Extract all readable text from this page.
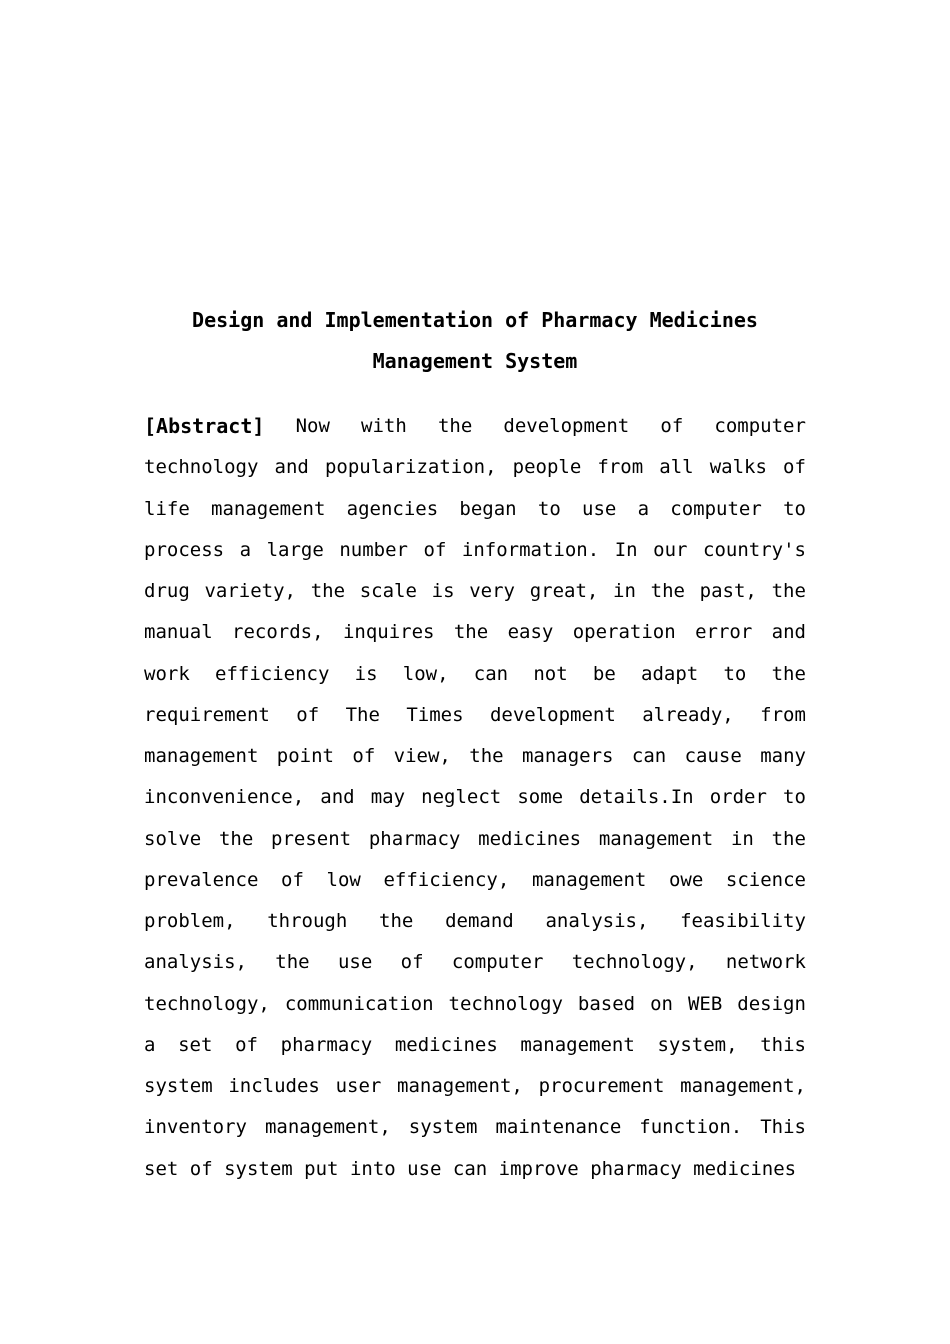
Design and Implementation of Pharmacy Medicines
Management System
[Abstract] Now with the development of computer
technology and popularization, people from all walks of
life management agencies began to use a computer to
process a large number of information. In our country's
drug variety, the scale is very great, in the past, the
manual records, inquires the easy operation error and
work efficiency is low, can not be adapt to the
requirement of The Times development already, from
management point of view, the managers can cause many
inconvenience, and may neglect some details.In order to
solve the present pharmacy medicines management in the
prevalence of low efficiency, management owe science
problem, through the demand analysis, feasibility
analysis, the use of computer technology, network
technology, communication technology based on WEB design
a set of pharmacy medicines management system, this
system includes user management, procurement management,
inventory management, system maintenance function. This
set of system put into use can improve pharmacy medicines
